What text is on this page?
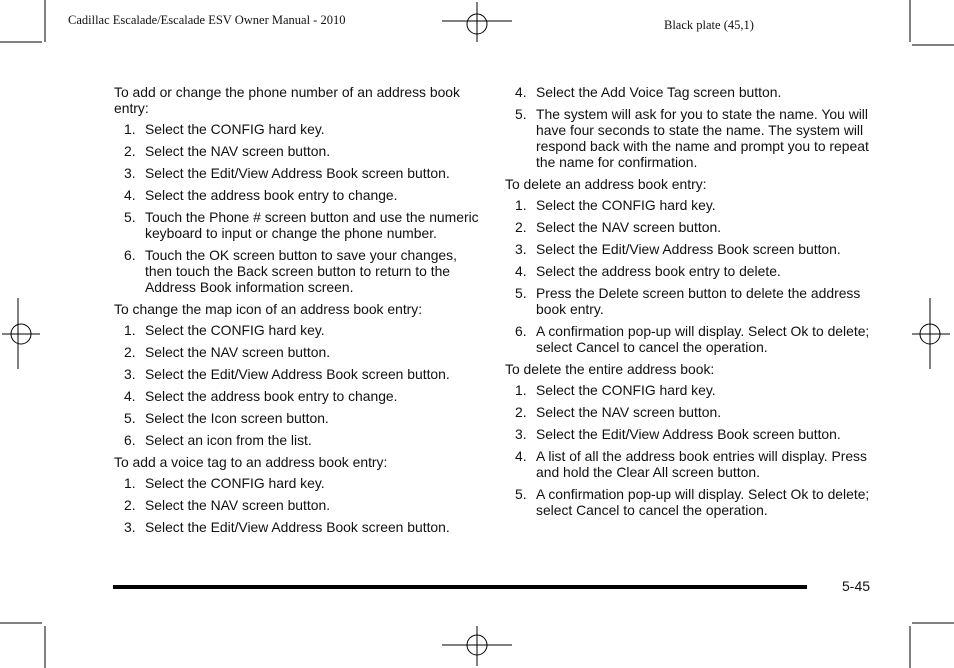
Cadillac Escalade/Escalade ESV Owner Manual - 2010	Black plate (45,1)

To add or change the phone number of an address book entry:

1. Select the CONFIG hard key.
2. Select the NAV screen button.
3. Select the Edit/View Address Book screen button.
4. Select the address book entry to change.
5. Touch the Phone # screen button and use the numeric keyboard to input or change the phone number.
6. Touch the OK screen button to save your changes, then touch the Back screen button to return to the Address Book information screen.

To change the map icon of an address book entry:

1. Select the CONFIG hard key.
2. Select the NAV screen button.
3. Select the Edit/View Address Book screen button.
4. Select the address book entry to change.
5. Select the Icon screen button.
6. Select an icon from the list.

To add a voice tag to an address book entry:

1. Select the CONFIG hard key.
2. Select the NAV screen button.
3. Select the Edit/View Address Book screen button.
4. Select the Add Voice Tag screen button.
5. The system will ask for you to state the name. You will have four seconds to state the name. The system will respond back with the name and prompt you to repeat the name for confirmation.

To delete an address book entry:

1. Select the CONFIG hard key.
2. Select the NAV screen button.
3. Select the Edit/View Address Book screen button.
4. Select the address book entry to delete.
5. Press the Delete screen button to delete the address book entry.
6. A confirmation pop-up will display. Select Ok to delete; select Cancel to cancel the operation.

To delete the entire address book:

1. Select the CONFIG hard key.
2. Select the NAV screen button.
3. Select the Edit/View Address Book screen button.
4. A list of all the address book entries will display. Press and hold the Clear All screen button.
5. A confirmation pop-up will display. Select Ok to delete; select Cancel to cancel the operation.
5-45
